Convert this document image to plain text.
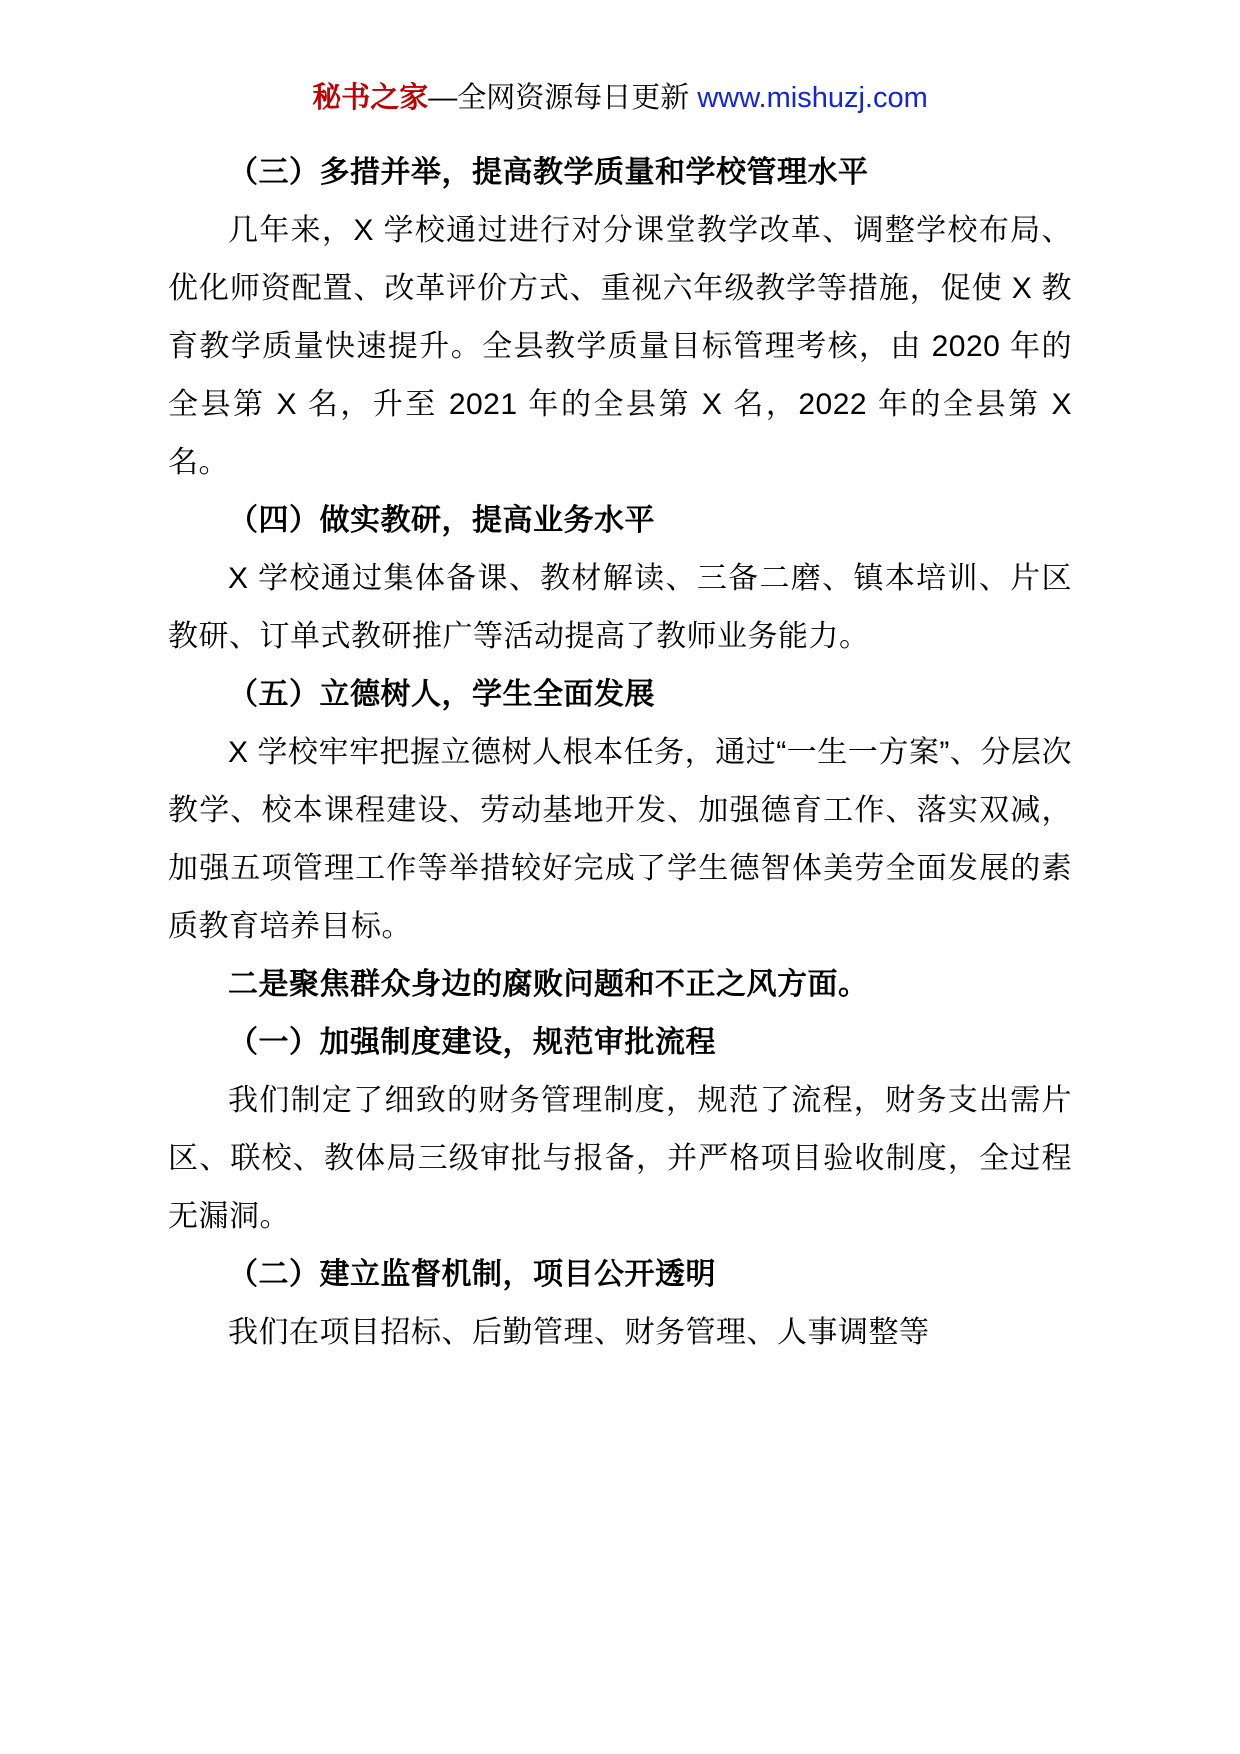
秘书之家—全网资源每日更新 www.mishuzj.com

（三）多措并举，提高教学质量和学校管理水平

几年来，X 学校通过进行对分课堂教学改革、调整学校布局、优化师资配置、改革评价方式、重视六年级教学等措施，促使 X 教育教学质量快速提升。全县教学质量目标管理考核，由 2020 年的全县第 X 名，升至 2021 年的全县第 X 名，2022 年的全县第 X 名。

（四）做实教研，提高业务水平

X 学校通过集体备课、教材解读、三备二磨、镇本培训、片区教研、订单式教研推广等活动提高了教师业务能力。

（五）立德树人，学生全面发展

X 学校牢牢把握立德树人根本任务，通过“一生一方案”、分层次教学、校本课程建设、劳动基地开发、加强德育工作、落实双减，加强五项管理工作等举措较好完成了学生德智体美劳全面发展的素质教育培养目标。

二是聚焦群众身边的腐败问题和不正之风方面。

（一）加强制度建设，规范审批流程

我们制定了细致的财务管理制度，规范了流程，财务支出需片区、联校、教体局三级审批与报备，并严格项目验收制度，全过程无漏洞。

（二）建立监督机制，项目公开透明

我们在项目招标、后勤管理、财务管理、人事调整等
